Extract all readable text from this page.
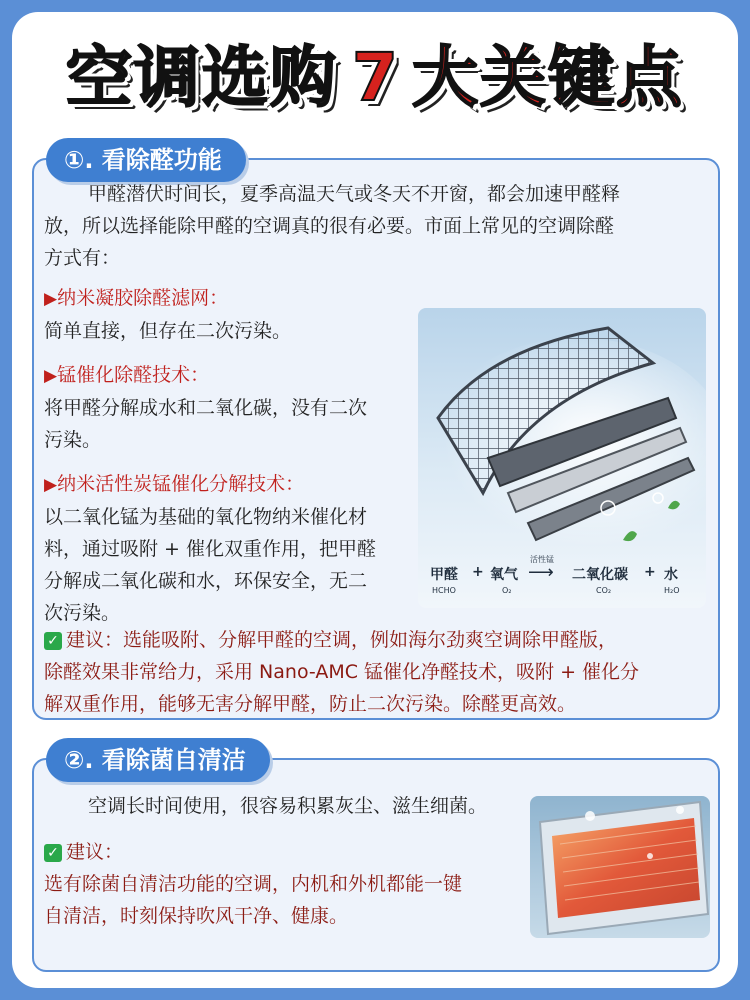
空调选购 7 大关键点
①. 看除醛功能
甲醛潜伏时间长，夏季高温天气或冬天不开窗，都会加速甲醛释
放，所以选择能除甲醛的空调真的很有必要。市面上常见的空调除醛
方式有：
▶纳米凝胶除醛滤网：
简单直接，但存在二次污染。
▶锰催化除醛技术：
将甲醛分解成水和二氧化碳，没有二次
污染。
▶纳米活性炭锰催化分解技术：
以二氧化锰为基础的氧化物纳米催化材
料，通过吸附 + 催化双重作用，把甲醛
分解成二氧化碳和水，环保安全，无二
次污染。
甲醛
HCHO
+ 氧气
O₂
活性锰
⟶ 二氧化碳
CO₂
+ 水
H₂O
✓ 建议：选能吸附、分解甲醛的空调，例如海尔劲爽空调除甲醛版，
除醛效果非常给力，采用 Nano-AMC 锰催化净醛技术，吸附 + 催化分
解双重作用，能够无害分解甲醛，防止二次污染。除醛更高效。
②. 看除菌自清洁
空调长时间使用，很容易积累灰尘、滋生细菌。
✓ 建议：
选有除菌自清洁功能的空调，内机和外机都能一键
自清洁，时刻保持吹风干净、健康。
